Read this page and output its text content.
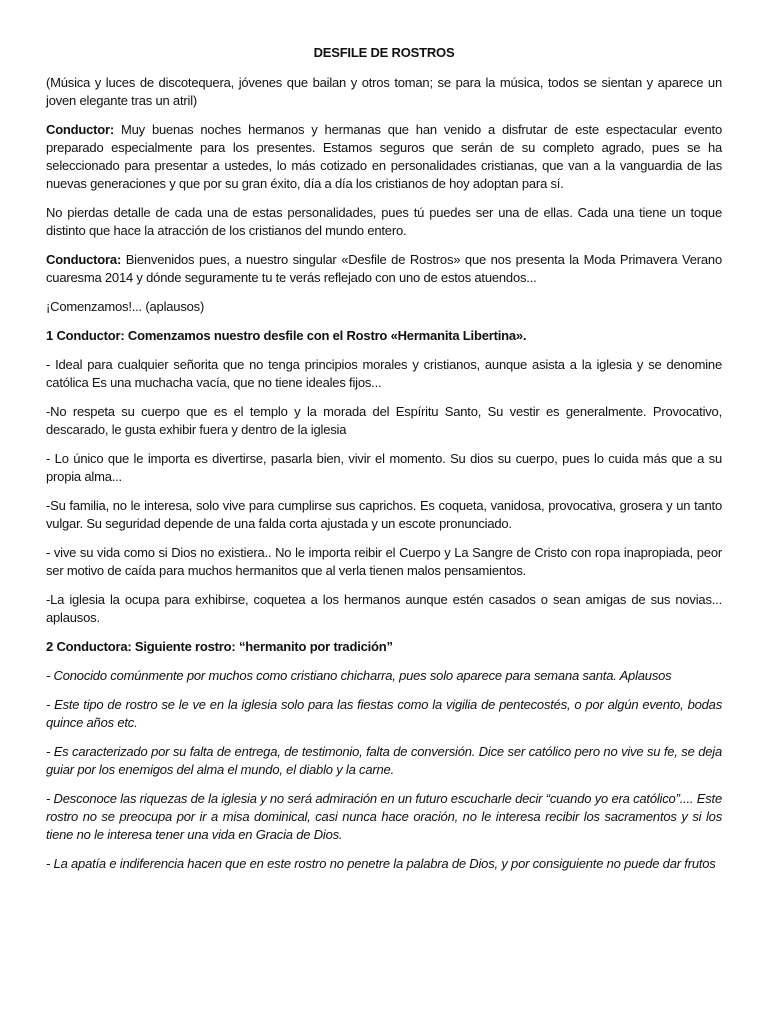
DESFILE DE ROSTROS
(Música y luces de discotequera, jóvenes que bailan y otros toman; se para la música, todos se sientan y aparece un joven elegante tras un atril)
Conductor: Muy buenas noches hermanos y hermanas que han venido a disfrutar de este espectacular evento preparado especialmente para los presentes. Estamos seguros que serán de su completo agrado, pues se ha seleccionado para presentar a ustedes, lo más cotizado en personalidades cristianas, que van a la vanguardia de las nuevas generaciones y que por su gran éxito, día a día los cristianos de hoy adoptan para sí.
No pierdas detalle de cada una de estas personalidades, pues tú puedes ser una de ellas. Cada una tiene un toque distinto que hace la atracción de los cristianos del mundo entero.
Conductora: Bienvenidos pues, a nuestro singular «Desfile de Rostros» que nos presenta la Moda Primavera Verano cuaresma 2014 y dónde seguramente tu te verás reflejado con uno de estos atuendos...
¡Comenzamos!... (aplausos)
1 Conductor: Comenzamos nuestro desfile con el Rostro «Hermanita Libertina».
- Ideal para cualquier señorita que no tenga principios morales y cristianos, aunque asista a la iglesia y se denomine católica Es una muchacha vacía, que no tiene ideales fijos...
-No respeta su cuerpo que es el templo y la morada del Espíritu Santo, Su vestir es generalmente. Provocativo, descarado, le gusta exhibir fuera y dentro de la iglesia
- Lo único que le importa es divertirse, pasarla bien, vivir el momento. Su dios su cuerpo, pues lo cuida más que a su propia alma...
-Su familia, no le interesa, solo vive para cumplirse sus caprichos. Es coqueta, vanidosa, provocativa, grosera y un tanto vulgar. Su seguridad depende de una falda corta ajustada y un escote pronunciado.
- vive su vida como si Dios no existiera.. No le importa reibir el Cuerpo y La Sangre de Cristo con ropa inapropiada, peor ser motivo de caída para muchos hermanitos que al verla tienen malos pensamientos.
-La iglesia la ocupa para exhibirse, coquetea a los hermanos aunque estén casados o sean amigas de sus novias... aplausos.
2 Conductora: Siguiente rostro: “hermanito por tradición”
- Conocido comúnmente por muchos como cristiano chicharra, pues solo aparece para semana santa. Aplausos
- Este tipo de rostro se le ve en la iglesia solo para las fiestas como la vigilia de pentecostés, o por algún evento, bodas quince años etc.
- Es caracterizado por su falta de entrega, de testimonio, falta de conversión. Dice ser católico pero no vive su fe, se deja guiar por los enemigos del alma el mundo, el diablo y la carne.
- Desconoce las riquezas de la iglesia y no será admiración en un futuro escucharle decir “cuando yo era católico”.... Este rostro no se preocupa por ir a misa dominical, casi nunca hace oración, no le interesa recibir los sacramentos y si los tiene no le interesa tener una vida en Gracia de Dios.
- La apatía e indiferencia hacen que en este rostro no penetre la palabra de Dios, y por consiguiente no puede dar frutos
